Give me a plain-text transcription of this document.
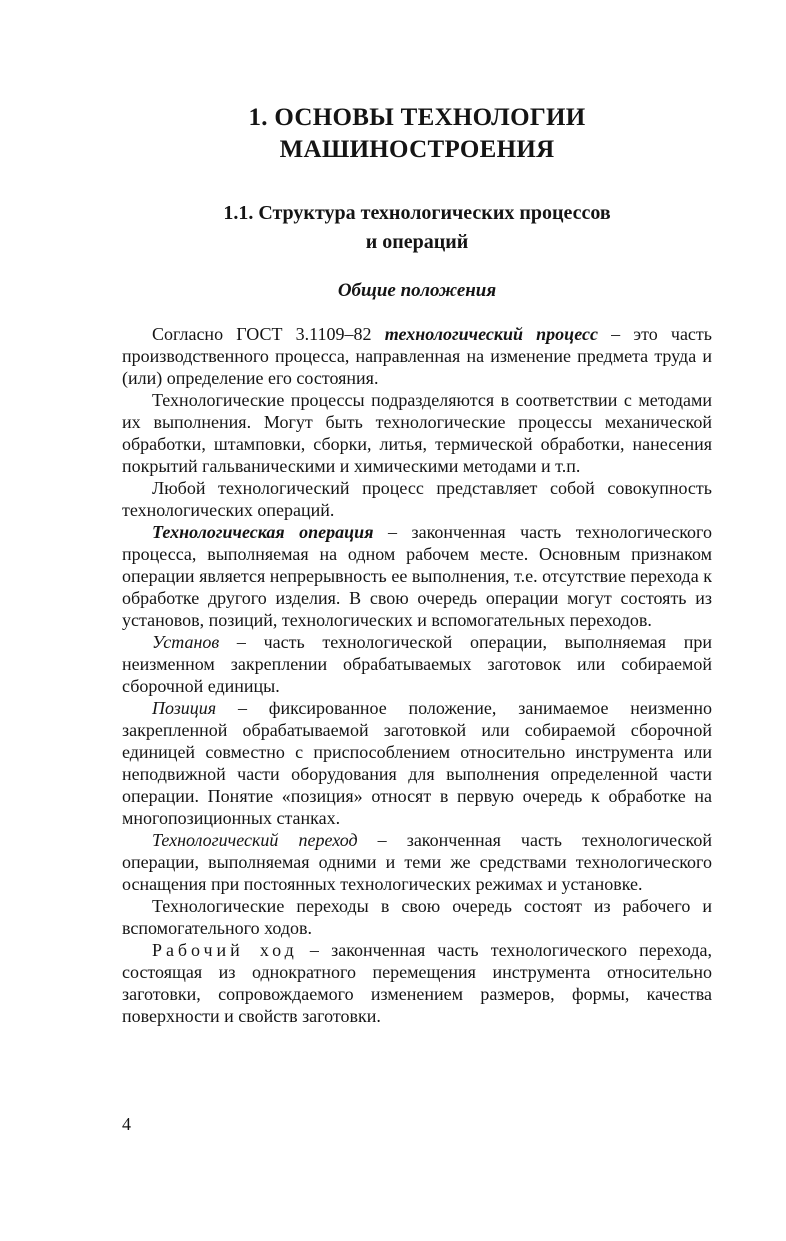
1. ОСНОВЫ ТЕХНОЛОГИИ
МАШИНОСТРОЕНИЯ
1.1. Структура технологических процессов
и операций
Общие положения

Согласно ГОСТ 3.1109–82 технологический процесс – это часть производственного процесса, направленная на изменение предмета труда и (или) определение его состояния.

Технологические процессы подразделяются в соответствии с методами их выполнения. Могут быть технологические процессы механической обработки, штамповки, сборки, литья, термической обработки, нанесения покрытий гальваническими и химическими методами и т.п.

Любой технологический процесс представляет собой совокупность технологических операций.

Технологическая операция – законченная часть технологического процесса, выполняемая на одном рабочем месте. Основным признаком операции является непрерывность ее выполнения, т.е. отсутствие перехода к обработке другого изделия. В свою очередь операции могут состоять из установов, позиций, технологических и вспомогательных переходов.

Установ – часть технологической операции, выполняемая при неизменном закреплении обрабатываемых заготовок или собираемой сборочной единицы.

Позиция – фиксированное положение, занимаемое неизменно закрепленной обрабатываемой заготовкой или собираемой сборочной единицей совместно с приспособлением относительно инструмента или неподвижной части оборудования для выполнения определенной части операции. Понятие «позиция» относят в первую очередь к обработке на многопозиционных станках.

Технологический переход – законченная часть технологической операции, выполняемая одними и теми же средствами технологического оснащения при постоянных технологических режимах и установке.

Технологические переходы в свою очередь состоят из рабочего и вспомогательного ходов.

Рабочий ход – законченная часть технологического перехода, состоящая из однократного перемещения инструмента относительно заготовки, сопровождаемого изменением размеров, формы, качества поверхности и свойств заготовки.

4
